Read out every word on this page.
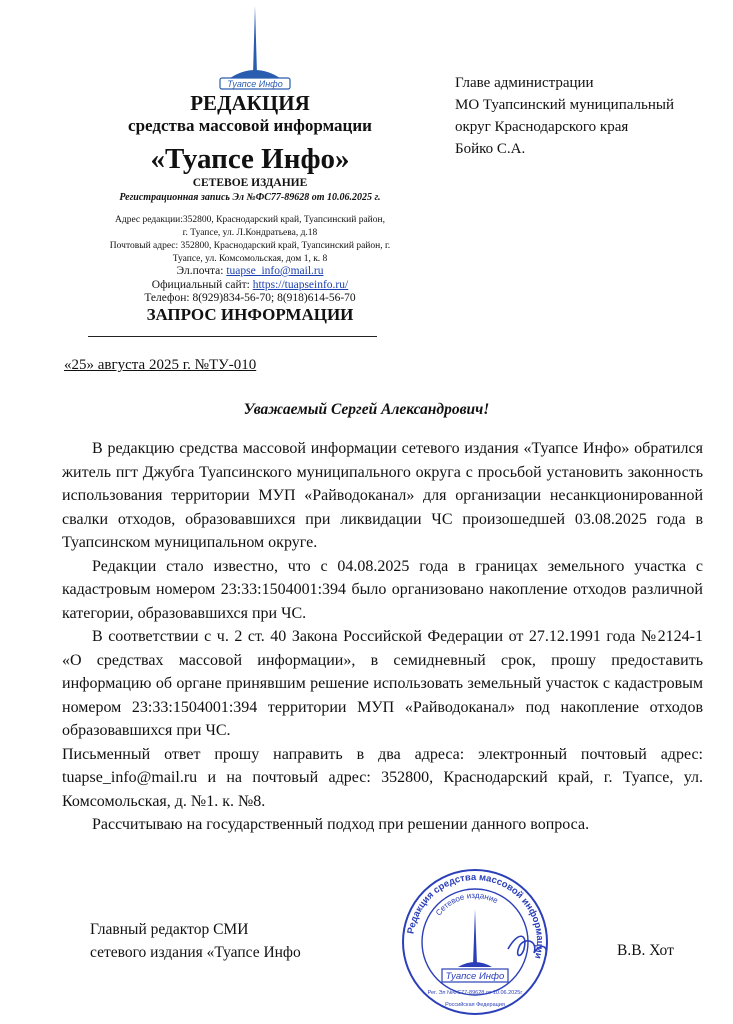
Туапсе Инфо
РЕДАКЦИЯ
средства массовой информации
«Туапсе Инфо»
СЕТЕВОЕ ИЗДАНИЕ
Регистрационная запись Эл №ФС77-89628 от 10.06.2025 г.
Адрес редакции:352800, Краснодарский край, Туапсинский район,
г. Туапсе, ул. Л.Кондратьева, д.18
Почтовый адрес: 352800, Краснодарский край, Туапсинский район, г.
Туапсе, ул. Комсомольская, дом 1, к. 8
Эл.почта: tuapse_info@mail.ru
Официальный сайт: https://tuapseinfo.ru/
Телефон: 8(929)834-56-70; 8(918)614-56-70
ЗАПРОС ИНФОРМАЦИИ
«25» августа 2025 г. №ТУ-010
Главе администрации
МО Туапсинский муниципальный
округ Краснодарского края
Бойко С.А.
Уважаемый Сергей Александрович!

В редакцию средства массовой информации сетевого издания «Туапсе Инфо» обратился житель пгт Джубга Туапсинского муниципального округа с просьбой установить законность использования территории МУП «Райводоканал» для организации несанкционированной свалки отходов, образовавшихся при ликвидации ЧС произошедшей 03.08.2025 года в Туапсинском муниципальном округе.

Редакции стало известно, что с 04.08.2025 года в границах земельного участка с кадастровым номером 23:33:1504001:394 было организовано накопление отходов различной категории, образовавшихся при ЧС.

В соответствии с ч. 2 ст. 40 Закона Российской Федерации от 27.12.1991 года №2124-1 «О средствах массовой информации», в семидневный срок, прошу предоставить информацию об органе принявшим решение использовать земельный участок с кадастровым номером 23:33:1504001:394 территории МУП «Райводоканал» под накопление отходов образовавшихся при ЧС.

Письменный ответ прошу направить в два адреса: электронный почтовый адрес: tuapse_info@mail.ru и на почтовый адрес: 352800, Краснодарский край, г. Туапсе, ул. Комсомольская, д. №1. к. №8.

Рассчитываю на государственный подход при решении данного вопроса.

Главный редактор СМИ
сетевого издания «Туапсе Инфо	В.В. Хот
Редакция средства массовой информации
Сетевое издание
Туапсе Инфо
Рег. Эл №ФС77-89628 от 10.06.2025г
Российская Федерация
